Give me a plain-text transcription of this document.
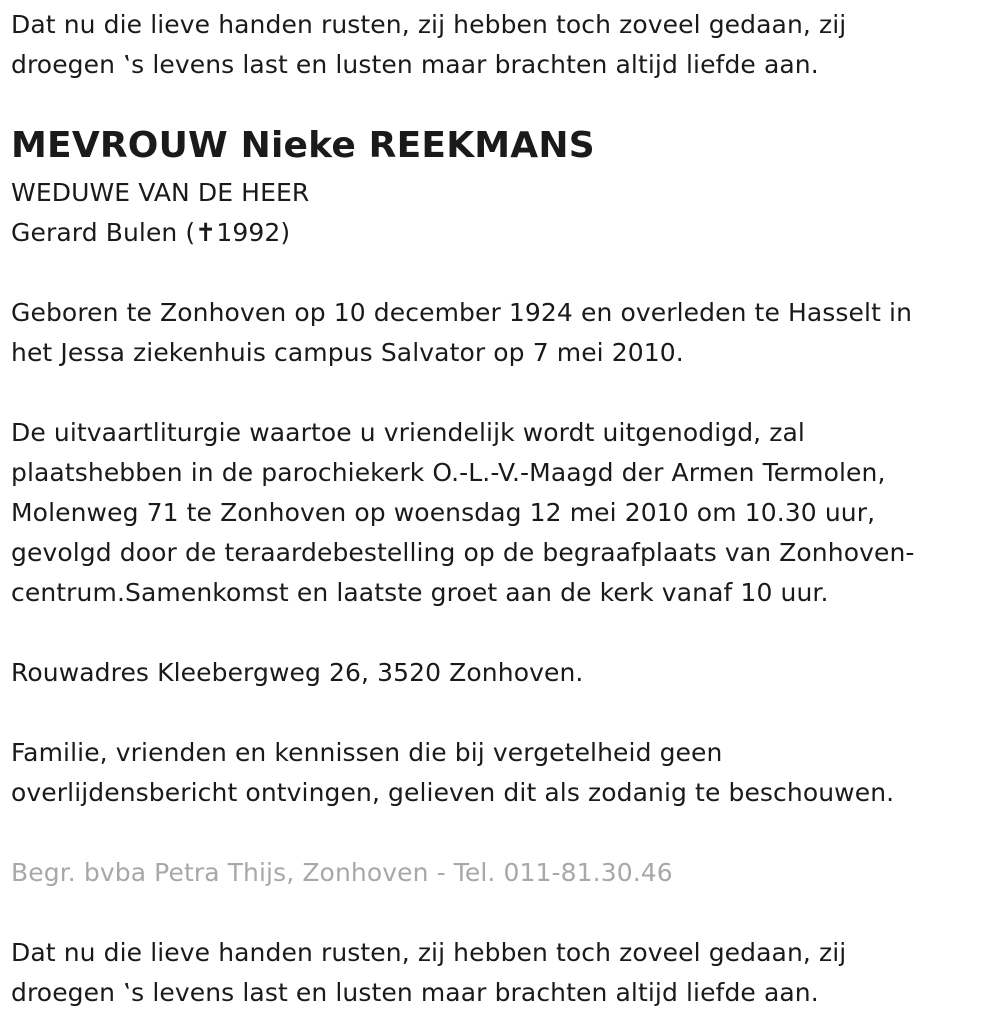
Dat nu die lieve handen rusten, zij hebben toch zoveel gedaan, zij
droegen ‛s levens last en lusten maar brachten altijd liefde aan.
MEVROUW Nieke REEKMANS
WEDUWE VAN DE HEER
Gerard Bulen (✝1992)
Geboren te Zonhoven op 10 december 1924 en overleden te Hasselt in
het Jessa ziekenhuis campus Salvator op 7 mei 2010.
De uitvaartliturgie waartoe u vriendelijk wordt uitgenodigd, zal
plaatshebben in de parochiekerk O.-L.-V.-Maagd der Armen Termolen,
Molenweg 71 te Zonhoven op woensdag 12 mei 2010 om 10.30 uur,
gevolgd door de teraardebestelling op de begraafplaats van Zonhoven-
centrum.Samenkomst en laatste groet aan de kerk vanaf 10 uur.
Rouwadres Kleebergweg 26, 3520 Zonhoven.
Familie, vrienden en kennissen die bij vergetelheid geen
overlijdensbericht ontvingen, gelieven dit als zodanig te beschouwen.
Begr. bvba Petra Thijs, Zonhoven - Tel. 011-81.30.46
Dat nu die lieve handen rusten, zij hebben toch zoveel gedaan, zij
droegen ‛s levens last en lusten maar brachten altijd liefde aan.
